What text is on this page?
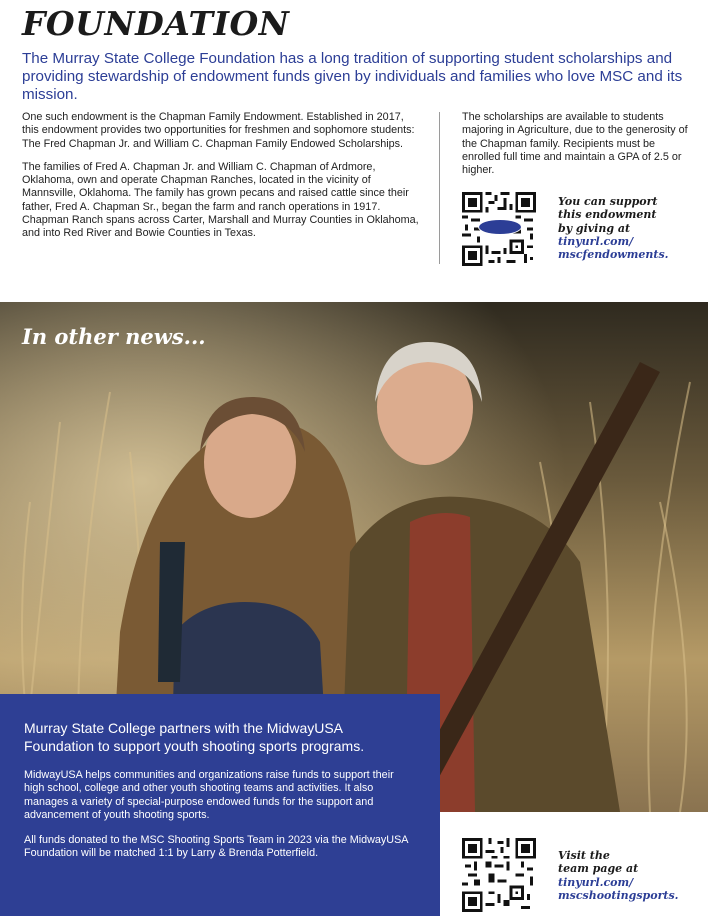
FOUNDATION

The Murray State College Foundation has a long tradition of supporting student scholarships and providing stewardship of endowment funds given by individuals and families who love MSC and its mission.

One such endowment is the Chapman Family Endowment. Established in 2017, this endowment provides two opportunities for freshmen and sophomore students: The Fred Chapman Jr. and William C. Chapman Family Endowed Scholarships.

The families of Fred A. Chapman Jr. and William C. Chapman of Ardmore, Oklahoma, own and operate Chapman Ranches, located in the vicinity of Mannsville, Oklahoma. The family has grown pecans and raised cattle since their father, Fred A. Chapman Sr., began the farm and ranch operations in 1917. Chapman Ranch spans across Carter, Marshall and Murray Counties in Oklahoma, and into Red River and Bowie Counties in Texas.

The scholarships are available to students majoring in Agriculture, due to the generosity of the Chapman family. Recipients must be enrolled full time and maintain a GPA of 2.5 or higher.

You can support
this endowment
by giving at
tinyurl.com/
mscfendowments.
In other news...

Murray State College partners with the MidwayUSA Foundation to support youth shooting sports programs.

MidwayUSA helps communities and organizations raise funds to support their high school, college and other youth shooting teams and activities. It also manages a variety of special-purpose endowed funds for the support and advancement of youth shooting sports.

All funds donated to the MSC Shooting Sports Team in 2023 via the MidwayUSA Foundation will be matched 1:1 by Larry & Brenda Potterfield.	Visit the
team page at
tinyurl.com/
mscshootingsports.
